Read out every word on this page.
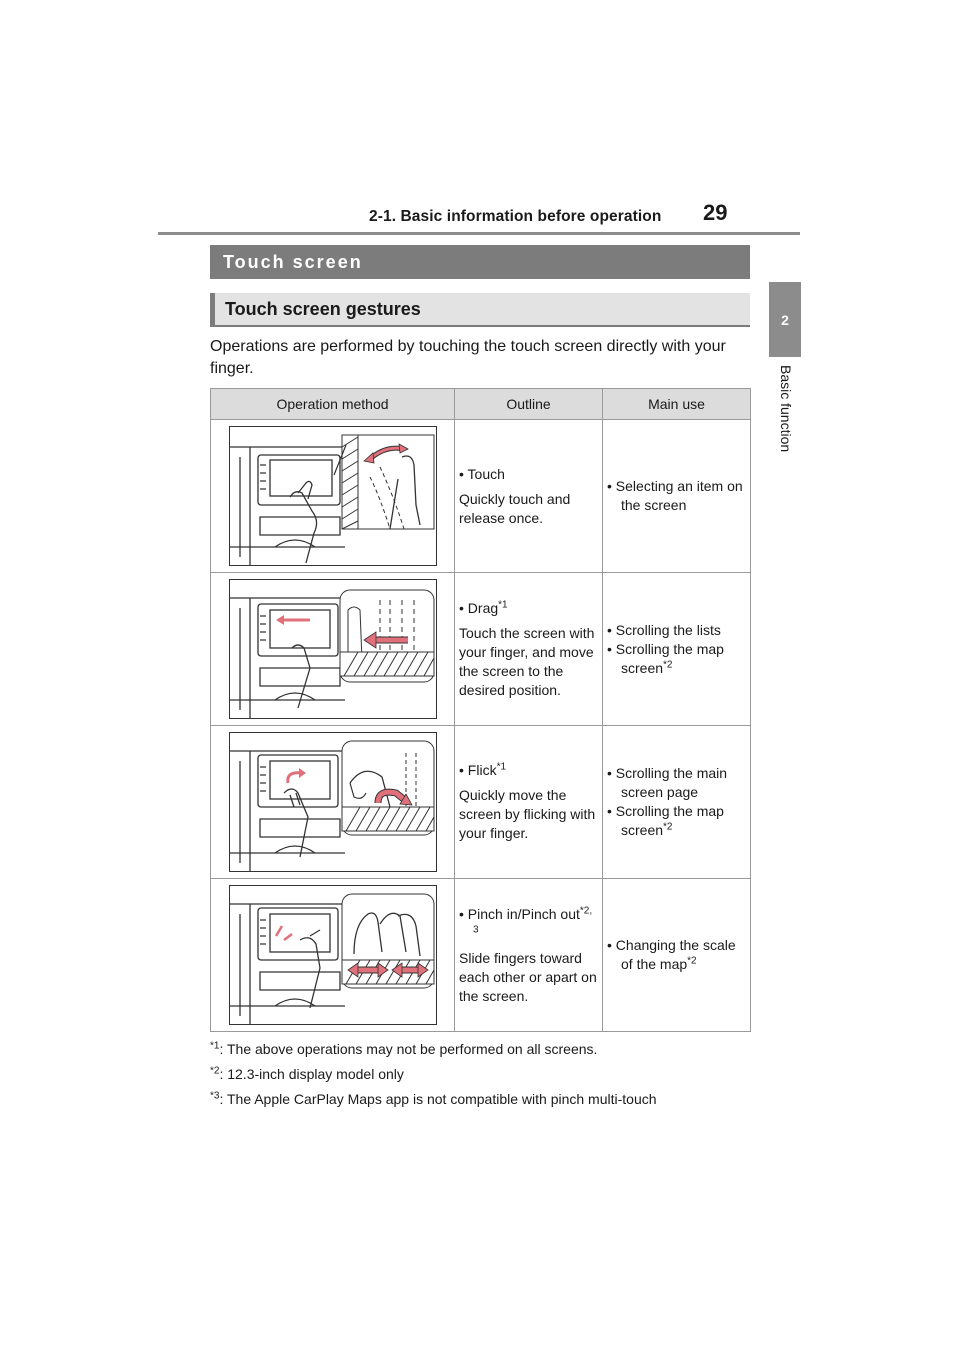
2-1. Basic information before operation 29
2
Basic function
Touch screen
Touch screen gestures
Operations are performed by touching the touch screen directly with your finger.
Operation method	Outline	Main use

• Touch
Quickly touch and release once.	• Selecting an item on the screen

• Drag$^{*1}$
Touch the screen with your finger, and move the screen to the desired position.	• Scrolling the lists
• Scrolling the map screen$^{*2}$

• Flick$^{*1}$
Quickly move the screen by flicking with your finger.	• Scrolling the main screen page
• Scrolling the map screen$^{*2}$

• Pinch in/Pinch out$^{*2, 3}$
Slide fingers toward each other or apart on the screen.	• Changing the scale of the map$^{*2}$
$^{*1}$: The above operations may not be performed on all screens.
$^{*2}$: 12.3-inch display model only
$^{*3}$: The Apple CarPlay Maps app is not compatible with pinch multi-touch
